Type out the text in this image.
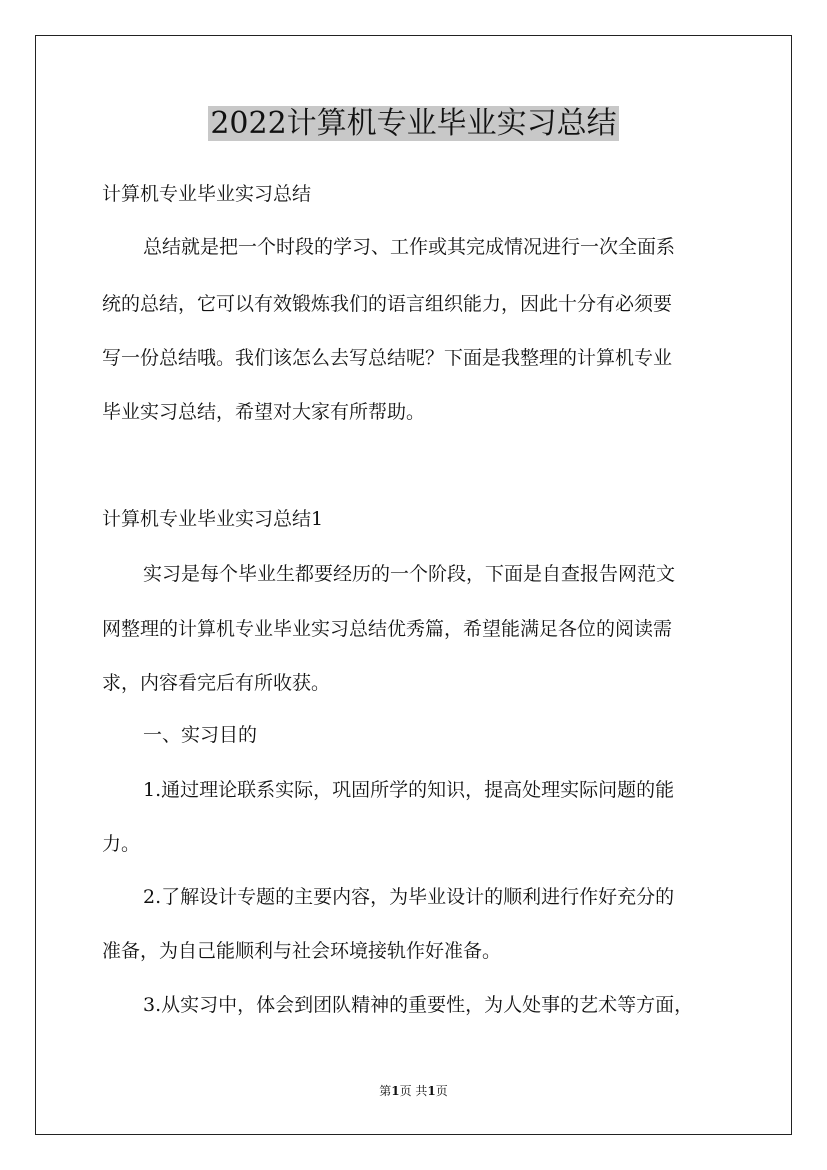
2022计算机专业毕业实习总结

计算机专业毕业实习总结

总结就是把一个时段的学习、工作或其完成情况进行一次全面系

统的总结，它可以有效锻炼我们的语言组织能力，因此十分有必须要

写一份总结哦。我们该怎么去写总结呢？下面是我整理的计算机专业

毕业实习总结，希望对大家有所帮助。

计算机专业毕业实习总结1

实习是每个毕业生都要经历的一个阶段，下面是自查报告网范文

网整理的计算机专业毕业实习总结优秀篇，希望能满足各位的阅读需

求，内容看完后有所收获。

一、实习目的

1.通过理论联系实际，巩固所学的知识，提高处理实际问题的能

力。

2.了解设计专题的主要内容，为毕业设计的顺利进行作好充分的

准备，为自己能顺利与社会环境接轨作好准备。

3.从实习中，体会到团队精神的重要性，为人处事的艺术等方面，

第1页 共1页
